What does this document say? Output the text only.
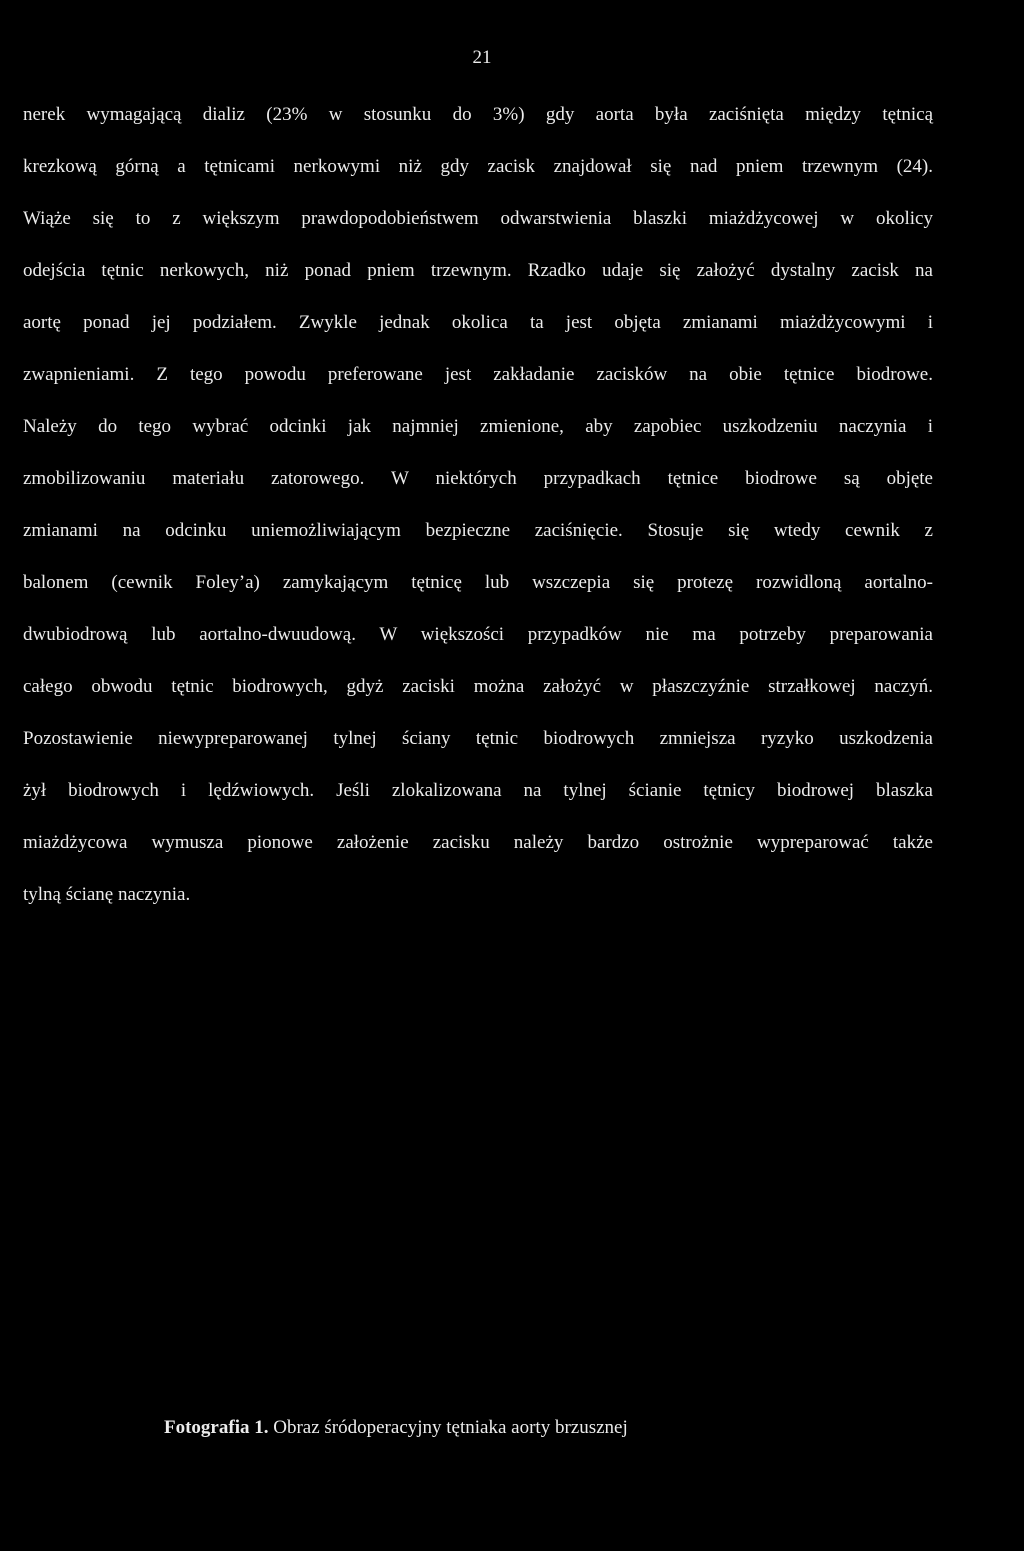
21
nerek wymagającą dializ (23% w stosunku do 3%) gdy aorta była zaciśnięta między tętnicą
krezkową górną a tętnicami nerkowymi niż gdy zacisk znajdował się nad pniem trzewnym (24).
Wiąże się to z większym prawdopodobieństwem odwarstwienia blaszki miażdżycowej w okolicy
odejścia tętnic nerkowych, niż ponad pniem trzewnym. Rzadko udaje się założyć dystalny zacisk na
aortę ponad jej podziałem. Zwykle jednak okolica ta jest objęta zmianami miażdżycowymi i
zwapnieniami. Z tego powodu preferowane jest zakładanie zacisków na obie tętnice biodrowe.
Należy do tego wybrać odcinki jak najmniej zmienione, aby zapobiec uszkodzeniu naczynia i
zmobilizowaniu materiału zatorowego. W niektórych przypadkach tętnice biodrowe są objęte
zmianami na odcinku uniemożliwiającym bezpieczne zaciśnięcie. Stosuje się wtedy cewnik z
balonem (cewnik Foley’a) zamykającym tętnicę lub wszczepia się protezę rozwidloną aortalno-
dwubiodrową lub aortalno-dwuudową. W większości przypadków nie ma potrzeby preparowania
całego obwodu tętnic biodrowych, gdyż zaciski można założyć w płaszczyźnie strzałkowej naczyń.
Pozostawienie niewypreparowanej tylnej ściany tętnic biodrowych zmniejsza ryzyko uszkodzenia
żył biodrowych i lędźwiowych. Jeśli zlokalizowana na tylnej ścianie tętnicy biodrowej blaszka
miażdżycowa wymusza pionowe założenie zacisku należy bardzo ostrożnie wypreparować także
tylną ścianę naczynia.
Fotografia 1. Obraz śródoperacyjny tętniaka aorty brzusznej
